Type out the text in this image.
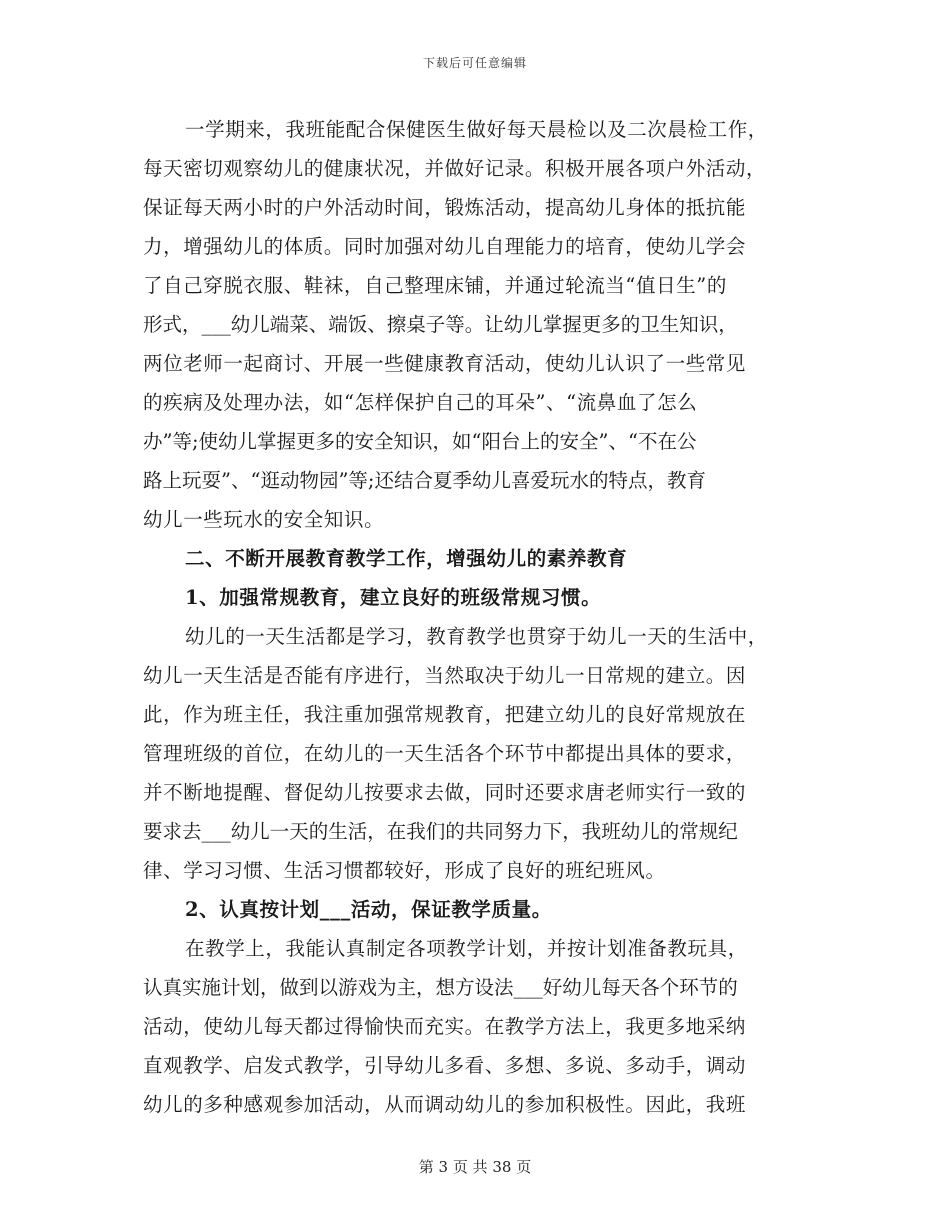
下载后可任意编辑
一学期来，我班能配合保健医生做好每天晨检以及二次晨检工作，
每天密切观察幼儿的健康状况，并做好记录。积极开展各项户外活动，
保证每天两小时的户外活动时间，锻炼活动，提高幼儿身体的抵抗能
力，增强幼儿的体质。同时加强对幼儿自理能力的培育，使幼儿学会
了自己穿脱衣服、鞋袜，自己整理床铺，并通过轮流当“值日生”的
形式，___幼儿端菜、端饭、擦桌子等。让幼儿掌握更多的卫生知识，
两位老师一起商讨、开展一些健康教育活动，使幼儿认识了一些常见
的疾病及处理办法，如“怎样保护自己的耳朵”、“流鼻血了怎么
办”等;使幼儿掌握更多的安全知识，如“阳台上的安全”、“不在公
路上玩耍”、“逛动物园”等;还结合夏季幼儿喜爱玩水的特点，教育
幼儿一些玩水的安全知识。
二、不断开展教育教学工作，增强幼儿的素养教育
1、加强常规教育，建立良好的班级常规习惯。
幼儿的一天生活都是学习，教育教学也贯穿于幼儿一天的生活中，
幼儿一天生活是否能有序进行，当然取决于幼儿一日常规的建立。因
此，作为班主任，我注重加强常规教育，把建立幼儿的良好常规放在
管理班级的首位，在幼儿的一天生活各个环节中都提出具体的要求，
并不断地提醒、督促幼儿按要求去做，同时还要求唐老师实行一致的
要求去___幼儿一天的生活，在我们的共同努力下，我班幼儿的常规纪
律、学习习惯、生活习惯都较好，形成了良好的班纪班风。
2、认真按计划___活动，保证教学质量。
在教学上，我能认真制定各项教学计划，并按计划准备教玩具，
认真实施计划，做到以游戏为主，想方设法___好幼儿每天各个环节的
活动，使幼儿每天都过得愉快而充实。在教学方法上，我更多地采纳
直观教学、启发式教学，引导幼儿多看、多想、多说、多动手，调动
幼儿的多种感观参加活动，从而调动幼儿的参加积极性。因此，我班
第 3 页 共 38 页
